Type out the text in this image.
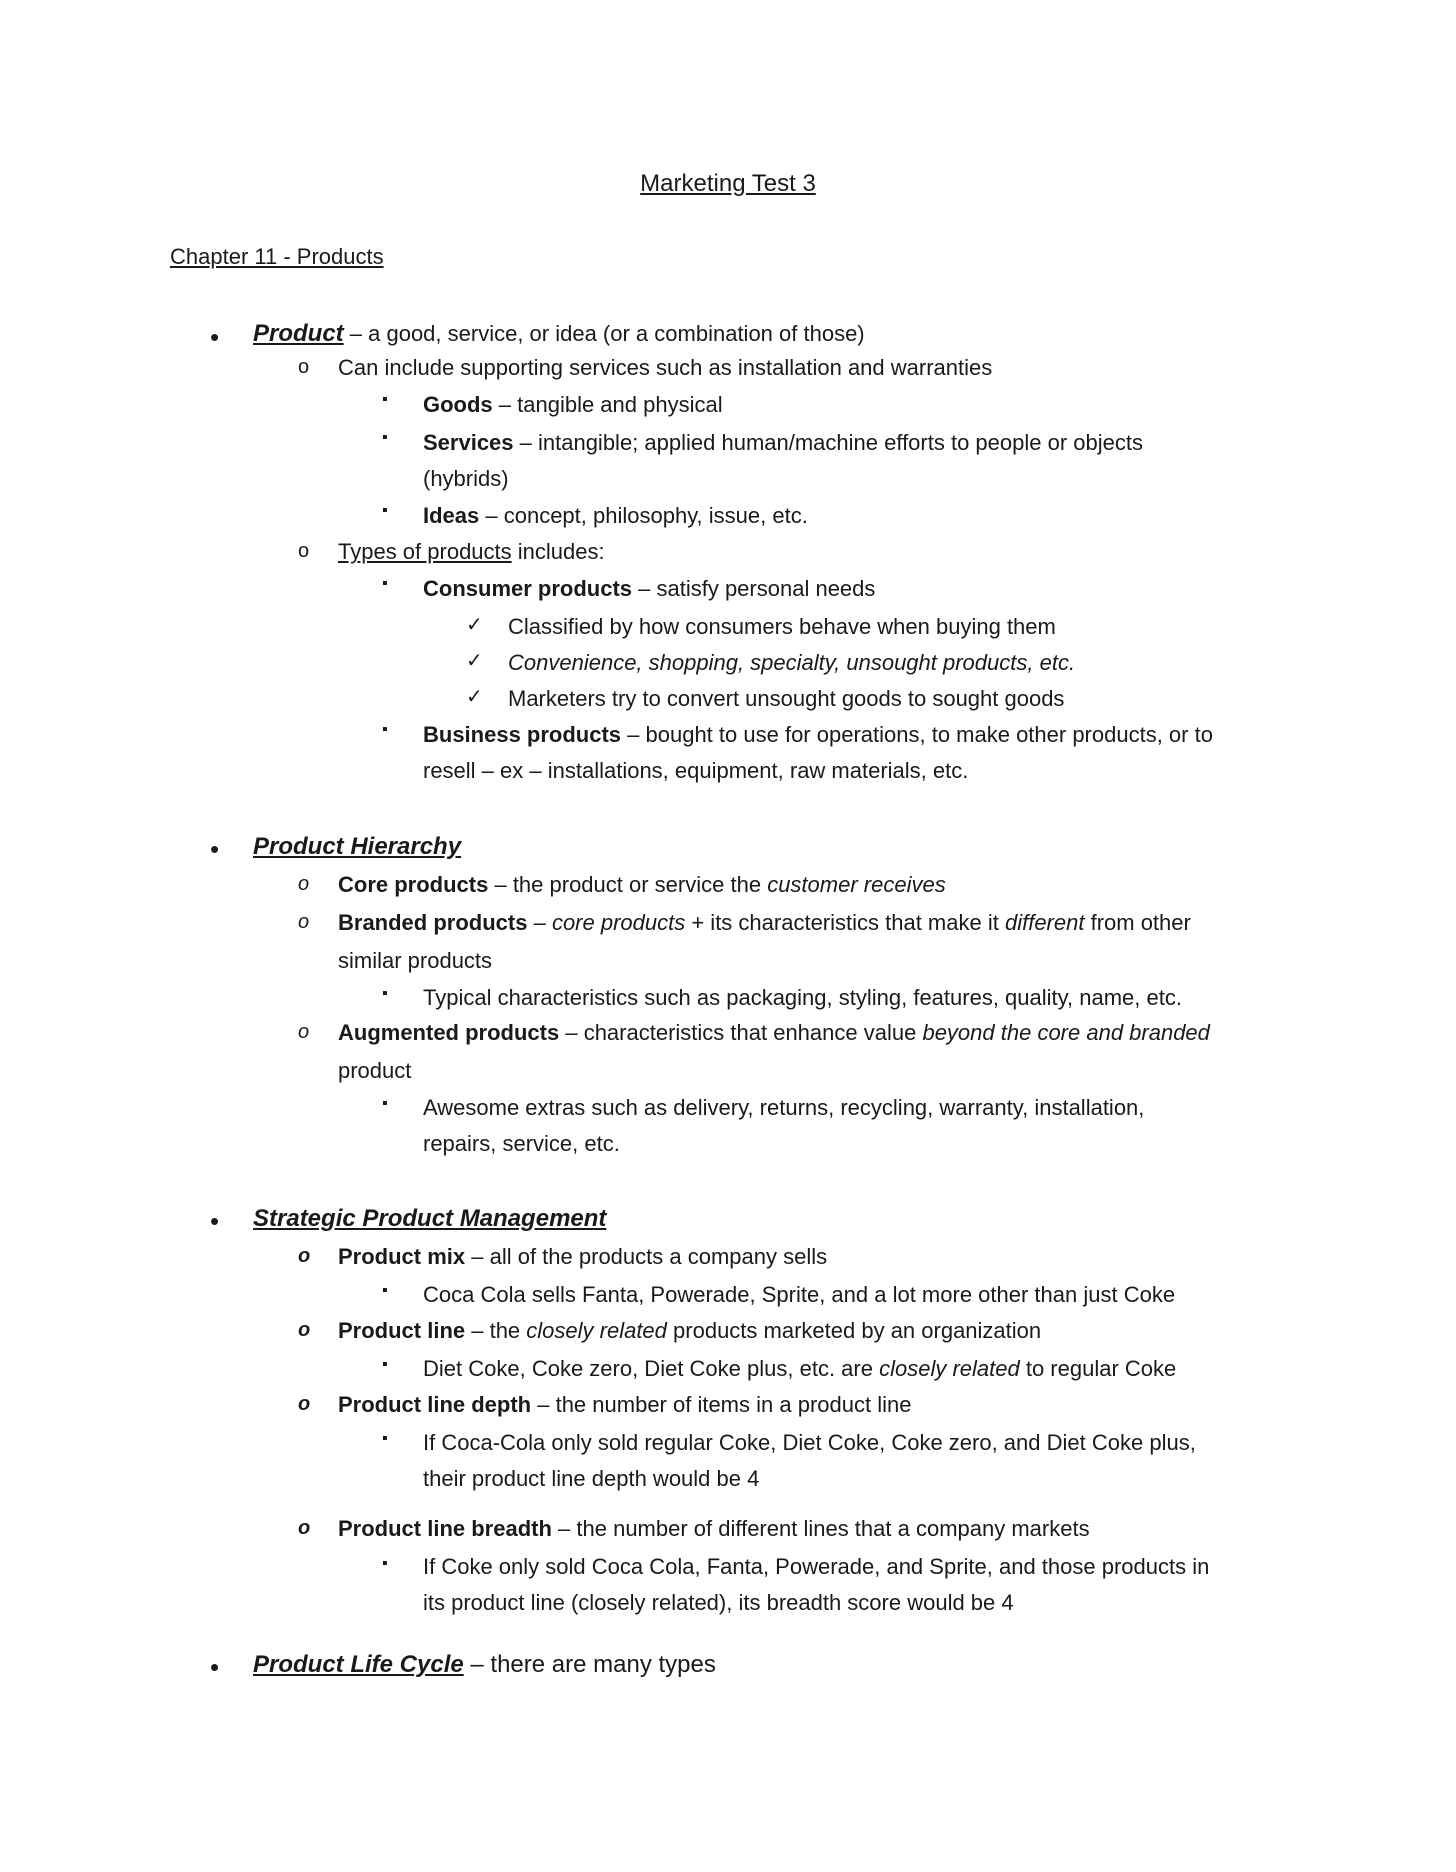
Marketing Test 3
Chapter 11 - Products
• Product – a good, service, or idea (or a combination of those)
o Can include supporting services such as installation and warranties
▪ Goods – tangible and physical
▪ Services – intangible; applied human/machine efforts to people or objects
(hybrids)
▪ Ideas – concept, philosophy, issue, etc.
o Types of products includes:
▪ Consumer products – satisfy personal needs
✓ Classified by how consumers behave when buying them
✓ Convenience, shopping, specialty, unsought products, etc.
✓ Marketers try to convert unsought goods to sought goods
▪ Business products – bought to use for operations, to make other products, or to
resell – ex – installations, equipment, raw materials, etc.
• Product Hierarchy
o Core products – the product or service the customer receives
o Branded products – core products + its characteristics that make it different from other
similar products
▪ Typical characteristics such as packaging, styling, features, quality, name, etc.
o Augmented products – characteristics that enhance value beyond the core and branded
product
▪ Awesome extras such as delivery, returns, recycling, warranty, installation,
repairs, service, etc.
• Strategic Product Management
o Product mix – all of the products a company sells
▪ Coca Cola sells Fanta, Powerade, Sprite, and a lot more other than just Coke
o Product line – the closely related products marketed by an organization
▪ Diet Coke, Coke zero, Diet Coke plus, etc. are closely related to regular Coke
o Product line depth – the number of items in a product line
▪ If Coca-Cola only sold regular Coke, Diet Coke, Coke zero, and Diet Coke plus,
their product line depth would be 4
o Product line breadth – the number of different lines that a company markets
▪ If Coke only sold Coca Cola, Fanta, Powerade, and Sprite, and those products in
its product line (closely related), its breadth score would be 4
• Product Life Cycle – there are many types
